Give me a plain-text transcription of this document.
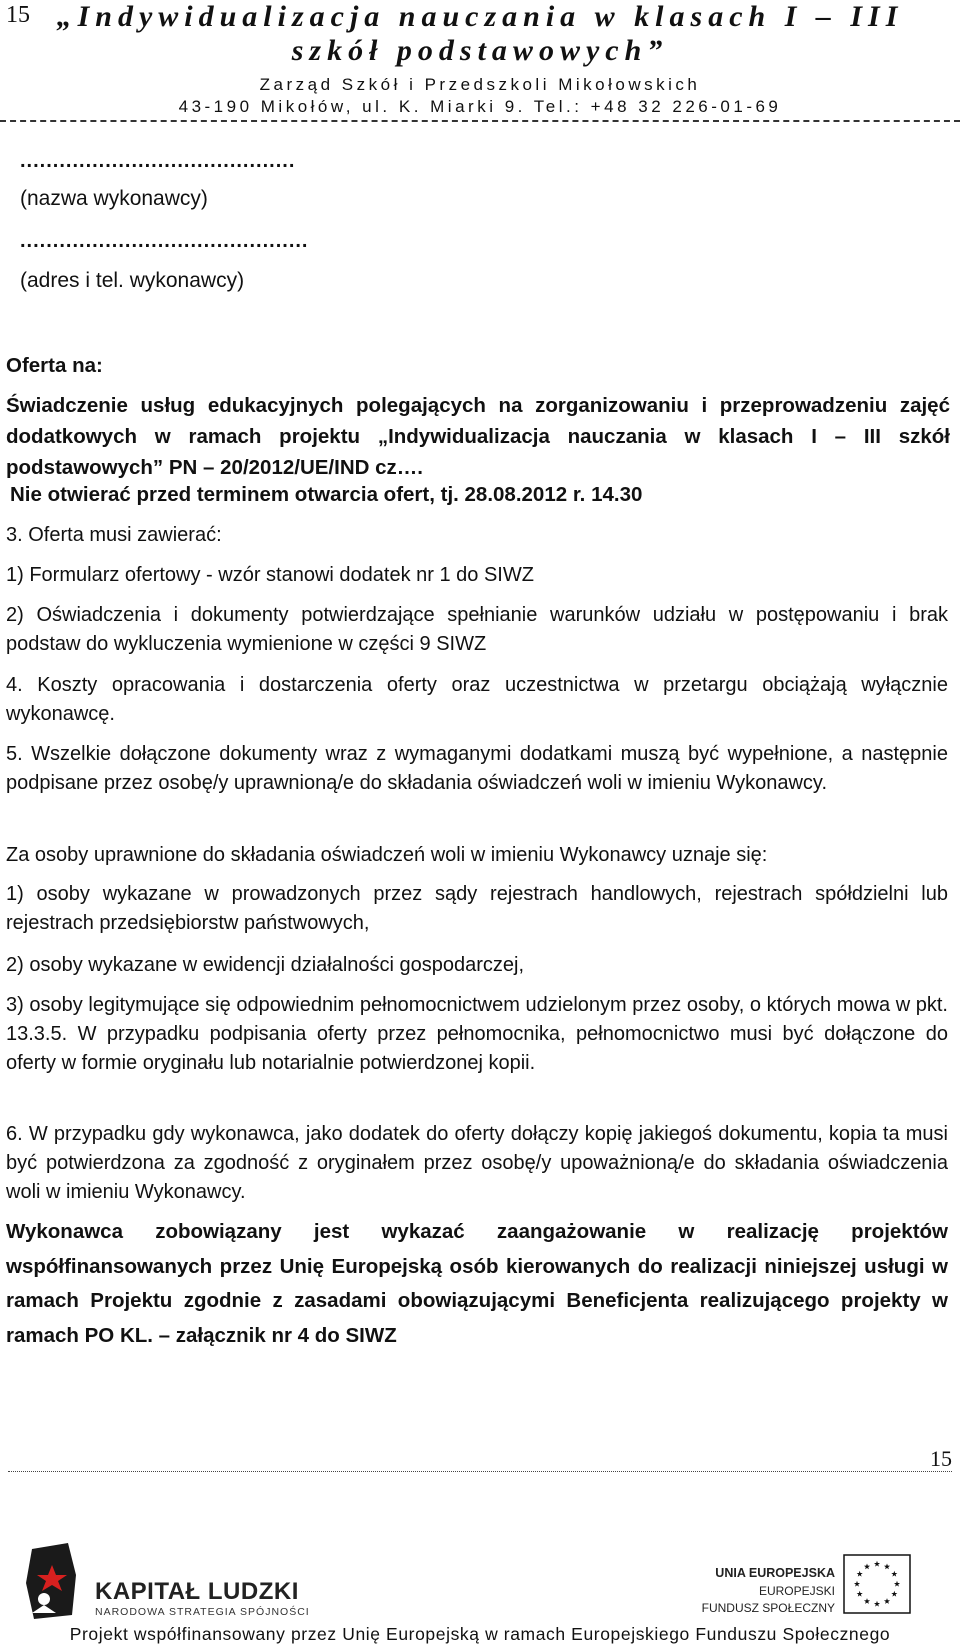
15 „Indywidualizacja nauczania w klasach I – III
szkół podstawowych”
Zarząd Szkół i Przedszkoli Mikołowskich
43-190 Mikołów, ul. K. Miarki 9. Tel.: +48 32 226-01-69
..........................................
(nazwa wykonawcy)
............................................
(adres i tel. wykonawcy)
Oferta na:
Świadczenie usług edukacyjnych polegających na zorganizowaniu i przeprowadzeniu zajęć dodatkowych w ramach projektu „Indywidualizacja nauczania w klasach I – III szkół podstawowych” PN – 20/2012/UE/IND cz….
Nie otwierać przed terminem otwarcia ofert, tj. 28.08.2012 r. 14.30
3. Oferta musi zawierać:
1) Formularz ofertowy - wzór stanowi dodatek nr 1 do SIWZ
2) Oświadczenia i dokumenty potwierdzające spełnianie warunków udziału w postępowaniu i brak podstaw do wykluczenia wymienione w części 9 SIWZ
4. Koszty opracowania i dostarczenia oferty oraz uczestnictwa w przetargu obciążają wyłącznie wykonawcę.
5. Wszelkie dołączone dokumenty wraz z wymaganymi dodatkami muszą być wypełnione, a następnie podpisane przez osobę/y uprawnioną/e do składania oświadczeń woli w imieniu Wykonawcy.
Za osoby uprawnione do składania oświadczeń woli w imieniu Wykonawcy uznaje się:
1) osoby wykazane w prowadzonych przez sądy rejestrach handlowych, rejestrach spółdzielni lub rejestrach przedsiębiorstw państwowych,
2) osoby wykazane w ewidencji działalności gospodarczej,
3) osoby legitymujące się odpowiednim pełnomocnictwem udzielonym przez osoby, o których mowa w pkt. 13.3.5. W przypadku podpisania oferty przez pełnomocnika, pełnomocnictwo musi być dołączone do oferty w formie oryginału lub notarialnie potwierdzonej kopii.
6. W przypadku gdy wykonawca, jako dodatek do oferty dołączy kopię jakiegoś dokumentu, kopia ta musi być potwierdzona za zgodność z oryginałem przez osobę/y upoważnioną/e do składania oświadczenia woli w imieniu Wykonawcy.
Wykonawca zobowiązany jest wykazać zaangażowanie w realizację projektów współfinansowanych przez Unię Europejską osób kierowanych do realizacji niniejszej usługi w ramach Projektu zgodnie z zasadami obowiązującymi Beneficjenta realizującego projekty w ramach PO KL. – załącznik nr 4 do SIWZ
15
KAPITAŁ LUDZKI
NARODOWA STRATEGIA SPÓJNOŚCI
UNIA EUROPEJSKA
EUROPEJSKI
FUNDUSZ SPOŁECZNY
Projekt współfinansowany przez Unię Europejską w ramach Europejskiego Funduszu Społecznego
